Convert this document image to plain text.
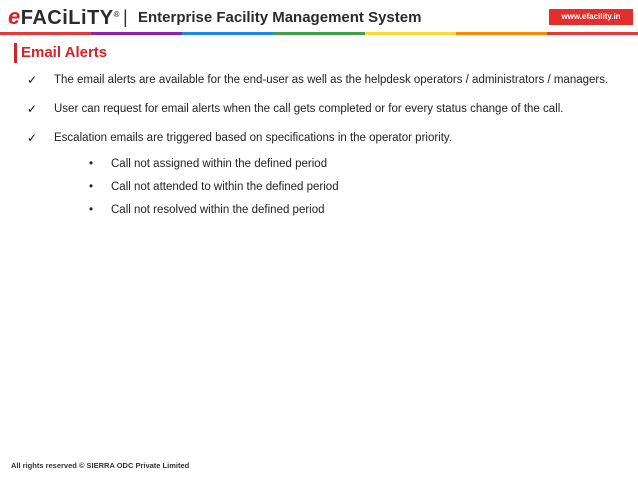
eFACiLiTY® | Enterprise Facility Management System	www.efacility.in
Email Alerts
✓ The email alerts are available for the end-user as well as the helpdesk operators / administrators / managers.
✓ User can request for email alerts when the call gets completed or for every status change of the call.
✓ Escalation emails are triggered based on specifications in the operator priority.
• Call not assigned within the defined period
• Call not attended to within the defined period
• Call not resolved within the defined period
All rights reserved © SIERRA ODC Private Limited
